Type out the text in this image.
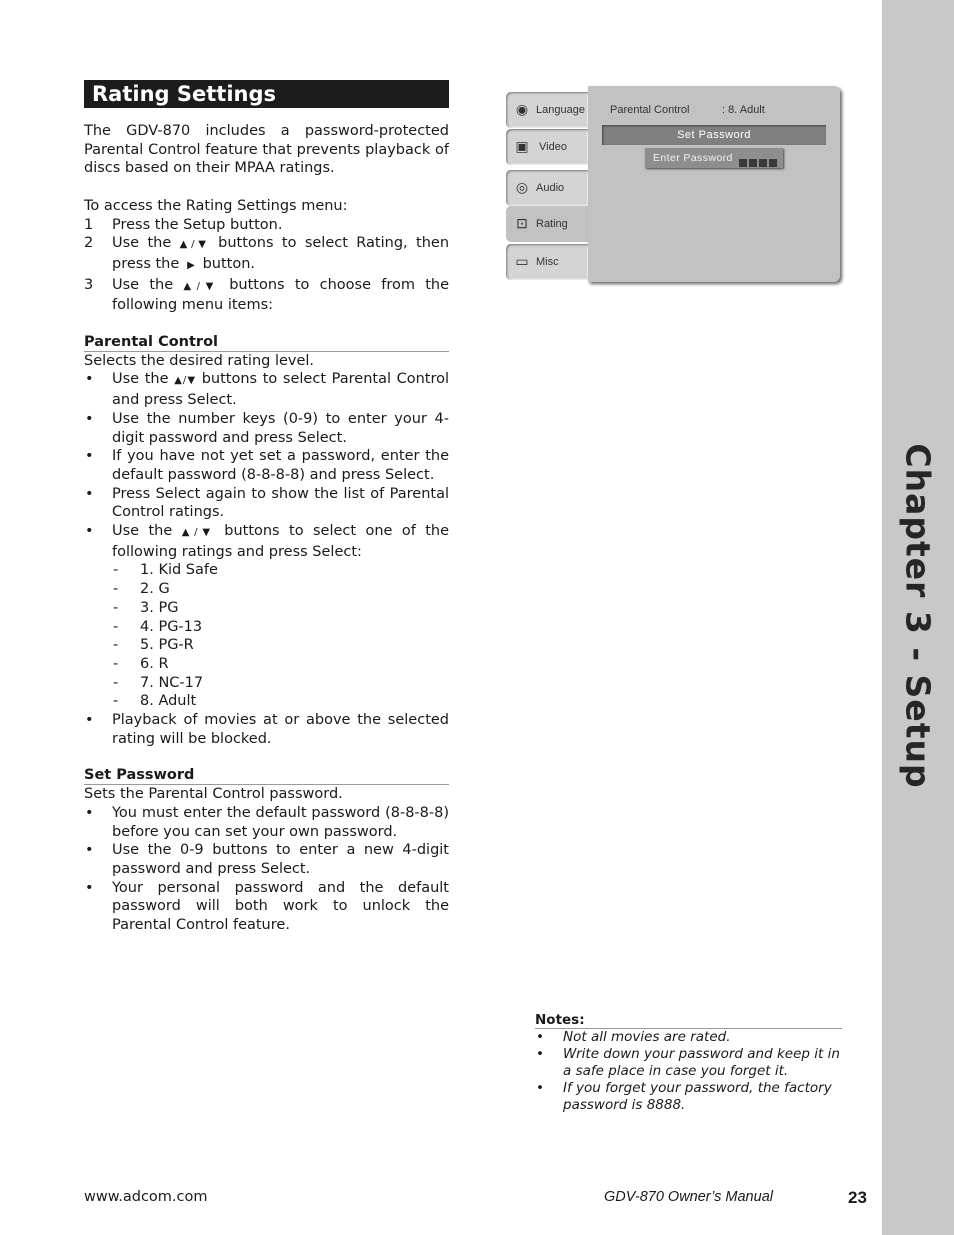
Chapter 3 - Setup
Rating Settings

The GDV-870 includes a password-protected Parental Control feature that prevents playback of discs based on their MPAA ratings.

To access the Rating Settings menu:
1 Press the Setup button.
2 Use the ▲/▼ buttons to select Rating, then press the  ▶  button.
3 Use the ▲/▼ buttons to choose from the following menu items:
Parental Control
Selects the desired rating level.
• Use the ▲/▼ buttons to select Parental Control and press Select.
• Use the number keys (0-9) to enter your 4-digit password and press Select.
• If you have not yet set a password, enter the default password (8-8-8-8) and press Select.
• Press Select again to show the list of Parental Control ratings.
• Use the ▲/▼ buttons to select one of the following ratings and press Select:
- 1. Kid Safe
- 2. G
- 3. PG
- 4. PG-13
- 5. PG-R
- 6. R
- 7. NC-17
- 8. Adult
• Playback of movies at or above the selected rating will be blocked.
Set Password
Sets the Parental Control password.
• You must enter the default password (8-8-8-8) before you can set your own password.
• Use the 0-9 buttons to enter a new 4-digit password and press Select.
• Your personal password and the default password will both work to unlock the Parental Control feature.
◉ Language
▣ Video
◎ Audio
⊡ Rating
▭ Misc
Parental Control	: 8. Adult
Set Password
Enter Password
Notes:
• Not all movies are rated.
• Write down your password and keep it in a safe place in case you forget it.
• If you forget your password, the factory password is 8888.
www.adcom.com	GDV-870 Owner’s Manual	23
